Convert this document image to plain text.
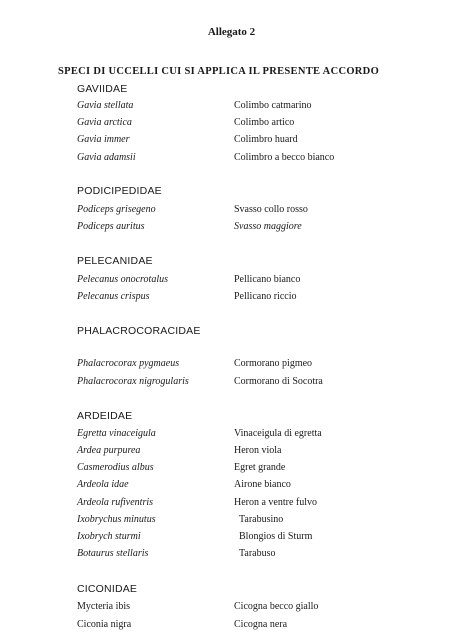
Allegato 2
SPECI DI UCCELLI CUI SI APPLICA IL PRESENTE ACCORDO
GAVIIDAE
Gavia stellata	Colimbo catmarino
Gavia arctica	Colimbo artico
Gavia immer	Colimbro huard
Gavia adamsii	Colimbro a becco bianco
PODICIPEDIDAE
Podiceps grisegeno	Svasso collo rosso
Podiceps auritus	Svasso maggiore
PELECANIDAE
Pelecanus onocrotalus	Pellicano bianco
Pelecanus crispus	Pellicano riccio
PHALACROCORACIDAE
Phalacrocorax pygmaeus	Cormorano pigmeo
Phalacrocorax nigrogularis	Cormorano di Socotra
ARDEIDAE
Egretta vinaceigula	Vinaceigula di egretta
Ardea purpurea	Heron viola
Casmerodius albus	Egret grande
Ardeola idae	Airone bianco
Ardeola rufiventris	Heron a ventre fulvo
Ixobrychus minutus	Tarabusino
Ixobrych sturmi	Blongios di Sturm
Botaurus stellaris	Tarabuso
CICONIDAE
Mycteria ibis	Cicogna becco giallo
Ciconia nigra	Cicogna nera
